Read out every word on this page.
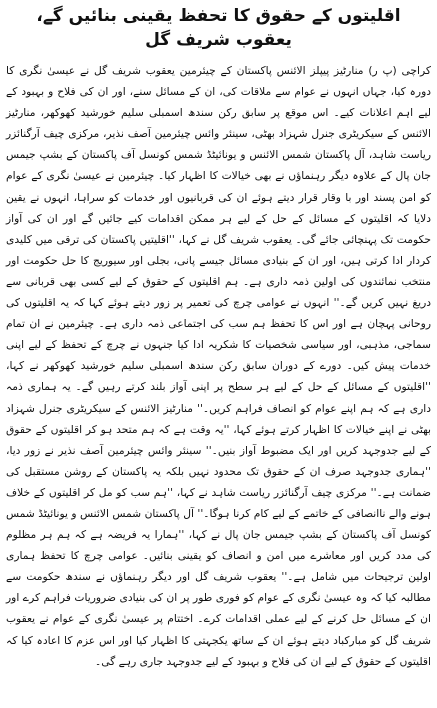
اقلیتوں کے حقوق کا تحفظ یقینی بنائیں گے، یعقوب شریف گل

کراچی (پ ر) منارٹیز پیپلز الائنس پاکستان کے چیئرمین یعقوب شریف گل نے عیسیٰ نگری کا دورہ کیا، جہاں انہوں نے عوام سے ملاقات کی، ان کے مسائل سنے، اور ان کی فلاح و بہبود کے لیے اہم اعلانات کیے۔ اس موقع پر سابق رکن سندھ اسمبلی سلیم خورشید کھوکھر، منارٹیز الائنس کے سیکریٹری جنرل شہزاد بھٹی، سینئر وائس چیئرمین آصف نذیر، مرکزی چیف آرگنائزر ریاست شاہد، آل پاکستان شمس الائنس و یونائیٹڈ شمس کونسل آف پاکستان کے بشپ جیمس جان پال کے علاوہ دیگر رہنماؤں نے بھی خیالات کا اظہار کیا۔ چیئرمین نے عیسیٰ نگری کے عوام کو امن پسند اور با وقار قرار دیتے ہوئے ان کی قربانیوں اور خدمات کو سراہا، انہوں نے یقین دلایا کہ اقلیتوں کے مسائل کے حل کے لیے ہر ممکن اقدامات کیے جائیں گے اور ان کی آواز حکومت تک پہنچائی جائے گی۔ یعقوب شریف گل نے کہا، ''اقلیتیں پاکستان کی ترقی میں کلیدی کردار ادا کرتی ہیں، اور ان کے بنیادی مسائل جیسے پانی، بجلی اور سیوریج کا حل حکومت اور منتخب نمائندوں کی اولین ذمہ داری ہے۔ ہم اقلیتوں کے حقوق کے لیے کسی بھی قربانی سے دریغ نہیں کریں گے۔'' انہوں نے عوامی چرچ کی تعمیر پر زور دیتے ہوئے کہا کہ یہ اقلیتوں کی روحانی پہچان ہے اور اس کا تحفظ ہم سب کی اجتماعی ذمہ داری ہے۔ چیئرمین نے ان تمام سماجی، مذہبی، اور سیاسی شخصیات کا شکریہ ادا کیا جنہوں نے چرچ کے تحفظ کے لیے اپنی خدمات پیش کیں۔ دورے کے دوران سابق رکن سندھ اسمبلی سلیم خورشید کھوکھر نے کہا، ''اقلیتوں کے مسائل کے حل کے لیے ہر سطح پر اپنی آواز بلند کرتے رہیں گے۔ یہ ہماری ذمہ داری ہے کہ ہم اپنے عوام کو انصاف فراہم کریں۔'' منارٹیز الائنس کے سیکریٹری جنرل شہزاد بھٹی نے اپنے خیالات کا اظہار کرتے ہوئے کہا، ''یہ وقت ہے کہ ہم متحد ہو کر اقلیتوں کے حقوق کے لیے جدوجہد کریں اور ایک مضبوط آواز بنیں۔'' سینئر وائس چیئرمین آصف نذیر نے زور دیا، ''ہماری جدوجہد صرف ان کے حقوق تک محدود نہیں بلکہ یہ پاکستان کے روشن مستقبل کی ضمانت ہے۔'' مرکزی چیف آرگنائزر ریاست شاہد نے کہا، ''ہم سب کو مل کر اقلیتوں کے خلاف ہونے والے ناانصافی کے خاتمے کے لیے کام کرنا ہوگا۔'' آل پاکستان شمس الائنس و یونائیٹڈ شمس کونسل آف پاکستان کے بشپ جیمس جان پال نے کہا، ''ہمارا یہ فریضہ ہے کہ ہم ہر مظلوم کی مدد کریں اور معاشرے میں امن و انصاف کو یقینی بنائیں۔ عوامی چرچ کا تحفظ ہماری اولین ترجیحات میں شامل ہے۔'' یعقوب شریف گل اور دیگر رہنماؤں نے سندھ حکومت سے مطالبہ کیا کہ وہ عیسیٰ نگری کے عوام کو فوری طور پر ان کی بنیادی ضروریات فراہم کرے اور ان کے مسائل حل کرنے کے لیے عملی اقدامات کرے۔ اختتام پر عیسیٰ نگری کے عوام نے یعقوب شریف گل کو مبارکباد دیتے ہوئے ان کے ساتھ یکجہتی کا اظہار کیا اور اس عزم کا اعادہ کیا کہ اقلیتوں کے حقوق کے لیے ان کی فلاح و بہبود کے لیے جدوجہد جاری رہے گی۔
